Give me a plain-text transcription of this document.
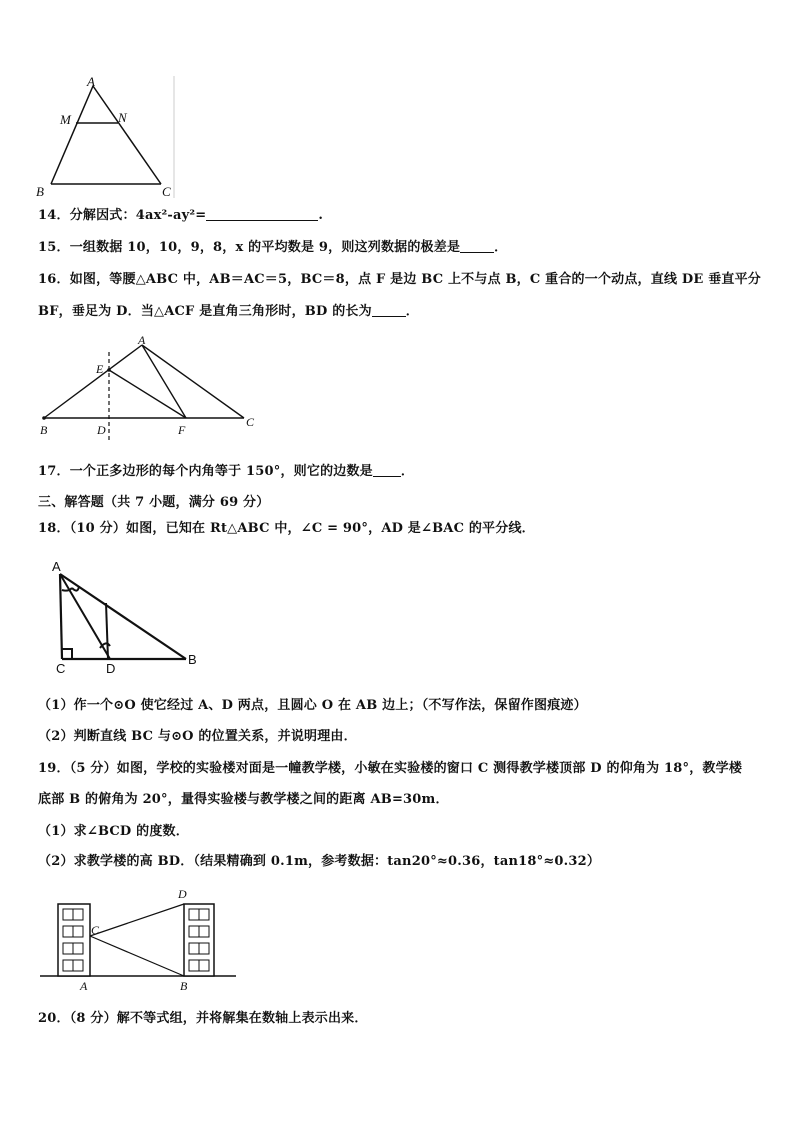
A
M	N
B	C
14．分解因式：4ax²-ay²=	.
15．一组数据 10，10，9，8，x 的平均数是 9，则这列数据的极差是	．
16．如图，等腰△ABC 中，AB＝AC＝5，BC＝8，点 F 是边 BC 上不与点 B，C 重合的一个动点，直线 DE 垂直平分
BF，垂足为 D．当△ACF 是直角三角形时，BD 的长为	．
A
E
B	D	F
C
17．一个正多边形的每个内角等于 150°，则它的边数是 ．
三、解答题（共 7 小题，满分 69 分）
18．（10 分）如图，已知在 Rt△ABC 中，∠C = 90°，AD 是∠BAC 的平分线．
A
C	D
B
（1）作一个⊙O 使它经过 A、D 两点，且圆心 O 在 AB 边上；（不写作法，保留作图痕迹）
（2）判断直线 BC 与⊙O 的位置关系，并说明理由．
19．（5 分）如图，学校的实验楼对面是一幢教学楼，小敏在实验楼的窗口 C 测得教学楼顶部 D 的仰角为 18°，教学楼
底部 B 的俯角为 20°，量得实验楼与教学楼之间的距离 AB=30m．
（1）求∠BCD 的度数．
（2）求教学楼的高 BD．（结果精确到 0.1m，参考数据：tan20°≈0.36，tan18°≈0.32）
C
D
A	B
20．（8 分）解不等式组，并将解集在数轴上表示出来．
